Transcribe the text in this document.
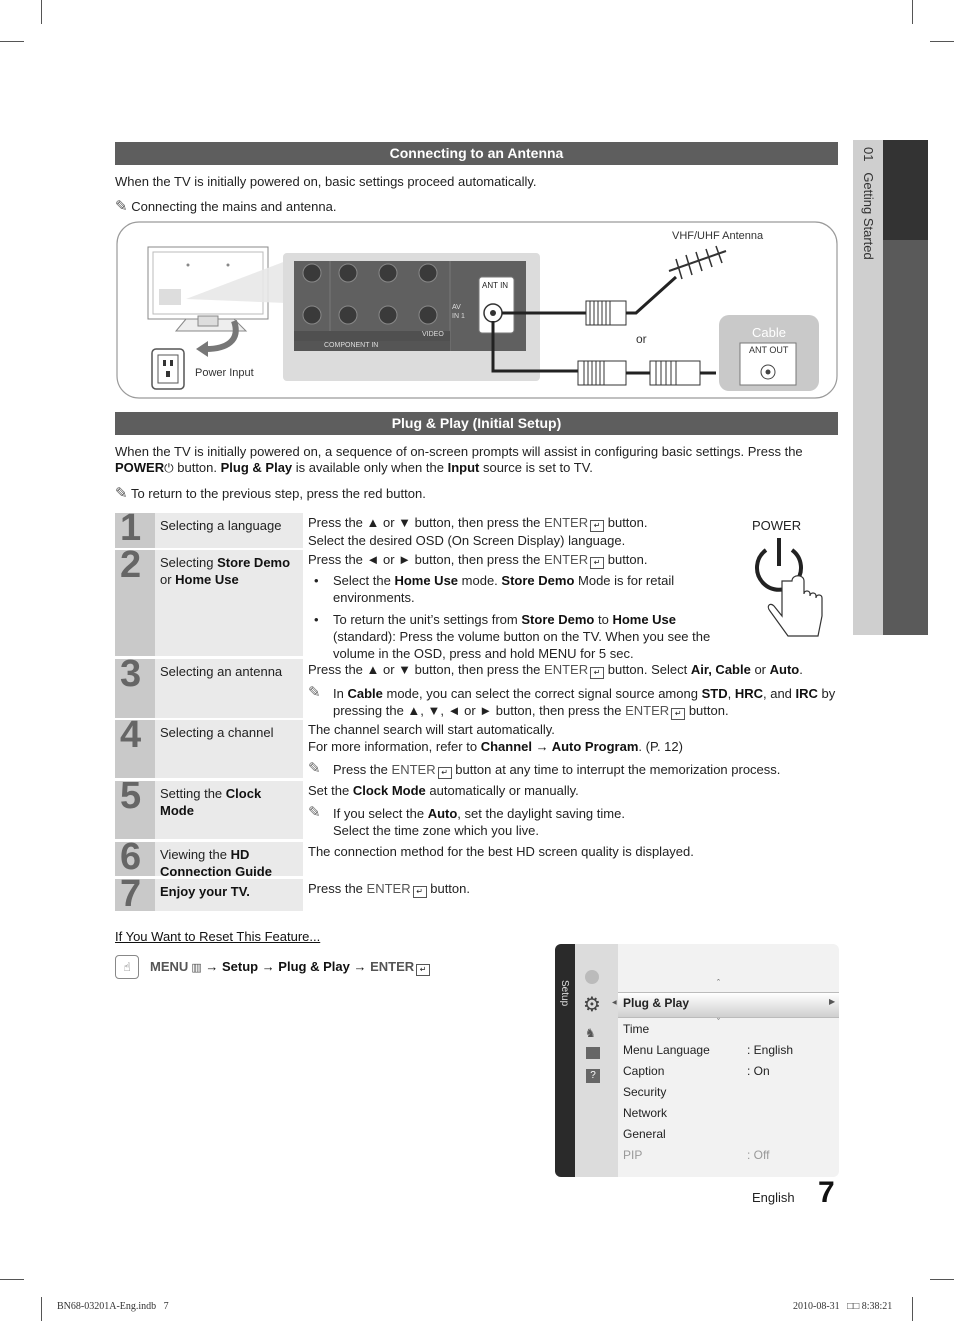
01   Getting Started
Connecting to an Antenna
When the TV is initially powered on, basic settings proceed automatically.
✎ Connecting the mains and antenna.
VHF/UHF Antenna
ANT IN
AV
IN 1
COMPONENT IN
VIDEO	or	Cable
ANT OUT
Power Input
Plug & Play (Initial Setup)
When the TV is initially powered on, a sequence of on-screen prompts will assist in configuring basic settings. Press the POWER⏻ button. Plug & Play is available only when the Input source is set to TV.
✎ To return to the previous step, press the red button.
POWER
1	Selecting a language	Press the ▲ or ▼ button, then press the ENTER ↵ button.
Select the desired OSD (On Screen Display) language.
2	Selecting Store Demo or Home Use
Press the ◄ or ► button, then press the ENTER ↵ button.
• Select the Home Use mode. Store Demo Mode is for retail environments.
• To return the unit’s settings from Store Demo to Home Use (standard): Press the volume button on the TV. When you see the volume in the OSD, press and hold MENU for 5 sec.
3	Selecting an antenna	Press the ▲ or ▼ button, then press the ENTER ↵ button. Select Air, Cable or Auto.
✎ In Cable mode, you can select the correct signal source among STD, HRC, and IRC by pressing the ▲, ▼, ◄ or ► button, then press the ENTER ↵ button.
4	Selecting a channel	The channel search will start automatically.
For more information, refer to Channel → Auto Program. (P. 12)
✎ Press the ENTER ↵ button at any time to interrupt the memorization process.
5	Setting the Clock Mode
Set the Clock Mode automatically or manually.
✎ If you select the Auto, set the daylight saving time.
Select the time zone which you live.
6	Viewing the HD Connection Guide
The connection method for the best HD screen quality is displayed.
7	Enjoy your TV.	Press the ENTER ↵ button.
If You Want to Reset This Feature...
☝	MENU ▥ → Setup → Plug & Play → ENTER ↵
Setup ⚙
♞
?
ˆ
ˇ
▶
◀ Plug & Play
Time
Menu Language	: English
Caption	: On
Security
Network
General
PIP	: Off
English 7
BN68-03201A-Eng.indb   7	2010-08-31   □□ 8:38:21
